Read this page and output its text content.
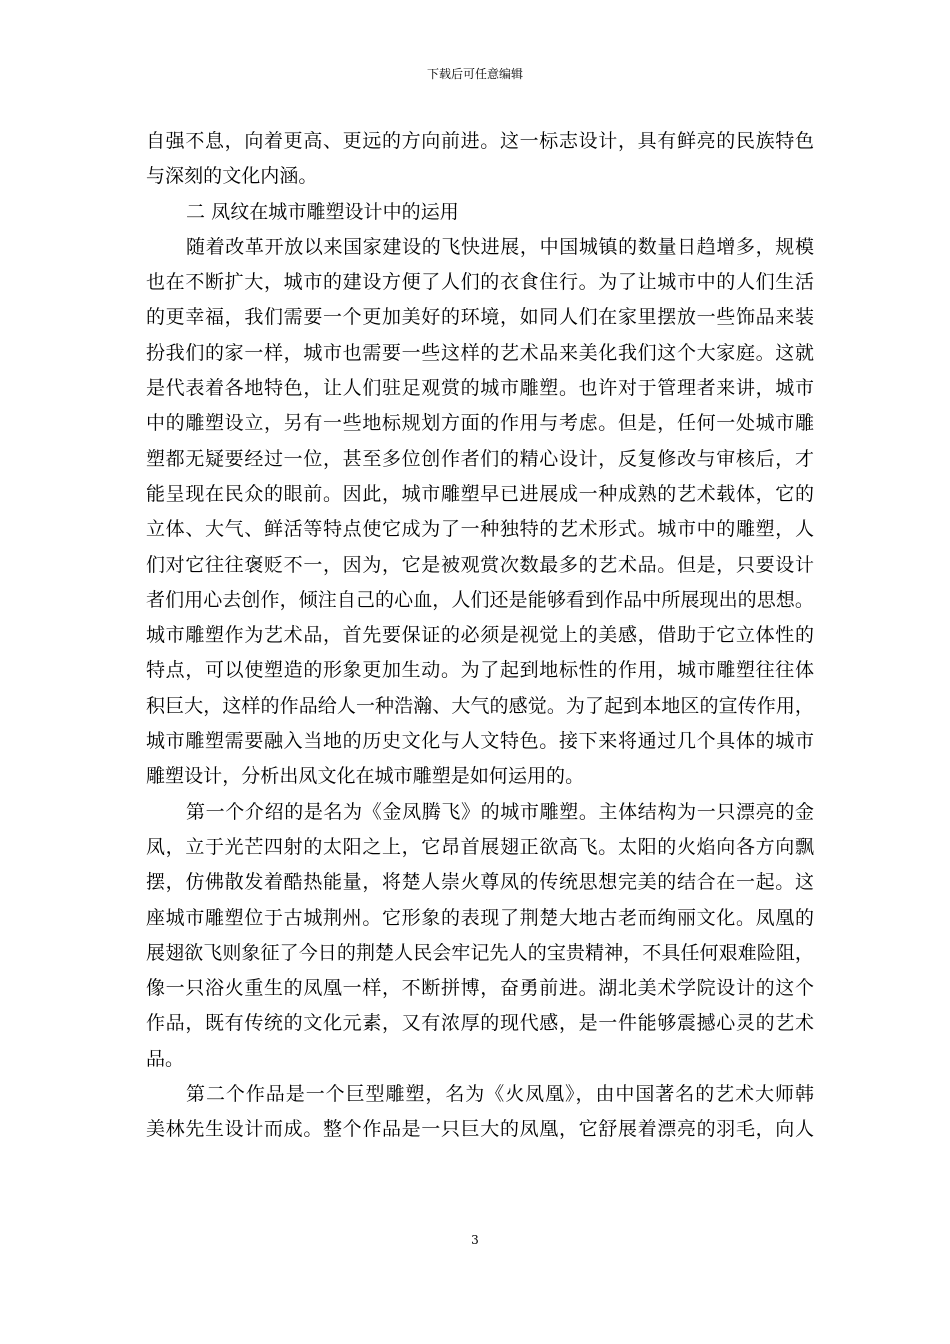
下载后可任意编辑
自强不息，向着更高、更远的方向前进。这一标志设计，具有鲜亮的民族特色
与深刻的文化内涵。
二 凤纹在城市雕塑设计中的运用
随着改革开放以来国家建设的飞快进展，中国城镇的数量日趋增多，规模
也在不断扩大，城市的建设方便了人们的衣食住行。为了让城市中的人们生活
的更幸福，我们需要一个更加美好的环境，如同人们在家里摆放一些饰品来装
扮我们的家一样，城市也需要一些这样的艺术品来美化我们这个大家庭。这就
是代表着各地特色，让人们驻足观赏的城市雕塑。也许对于管理者来讲，城市
中的雕塑设立，另有一些地标规划方面的作用与考虑。但是，任何一处城市雕
塑都无疑要经过一位，甚至多位创作者们的精心设计，反复修改与审核后，才
能呈现在民众的眼前。因此，城市雕塑早已进展成一种成熟的艺术载体，它的
立体、大气、鲜活等特点使它成为了一种独特的艺术形式。城市中的雕塑，人
们对它往往褒贬不一，因为，它是被观赏次数最多的艺术品。但是，只要设计
者们用心去创作，倾注自己的心血，人们还是能够看到作品中所展现出的思想。
城市雕塑作为艺术品，首先要保证的必须是视觉上的美感，借助于它立体性的
特点，可以使塑造的形象更加生动。为了起到地标性的作用，城市雕塑往往体
积巨大，这样的作品给人一种浩瀚、大气的感觉。为了起到本地区的宣传作用，
城市雕塑需要融入当地的历史文化与人文特色。接下来将通过几个具体的城市
雕塑设计，分析出凤文化在城市雕塑是如何运用的。
第一个介绍的是名为《金凤腾飞》的城市雕塑。主体结构为一只漂亮的金
凤，立于光芒四射的太阳之上，它昂首展翅正欲高飞。太阳的火焰向各方向飘
摆，仿佛散发着酷热能量，将楚人崇火尊凤的传统思想完美的结合在一起。这
座城市雕塑位于古城荆州。它形象的表现了荆楚大地古老而绚丽文化。凤凰的
展翅欲飞则象征了今日的荆楚人民会牢记先人的宝贵精神，不具任何艰难险阻，
像一只浴火重生的凤凰一样，不断拼博，奋勇前进。湖北美术学院设计的这个
作品，既有传统的文化元素，又有浓厚的现代感，是一件能够震撼心灵的艺术
品。
第二个作品是一个巨型雕塑，名为《火凤凰》，由中国著名的艺术大师韩
美林先生设计而成。整个作品是一只巨大的凤凰，它舒展着漂亮的羽毛，向人
3
